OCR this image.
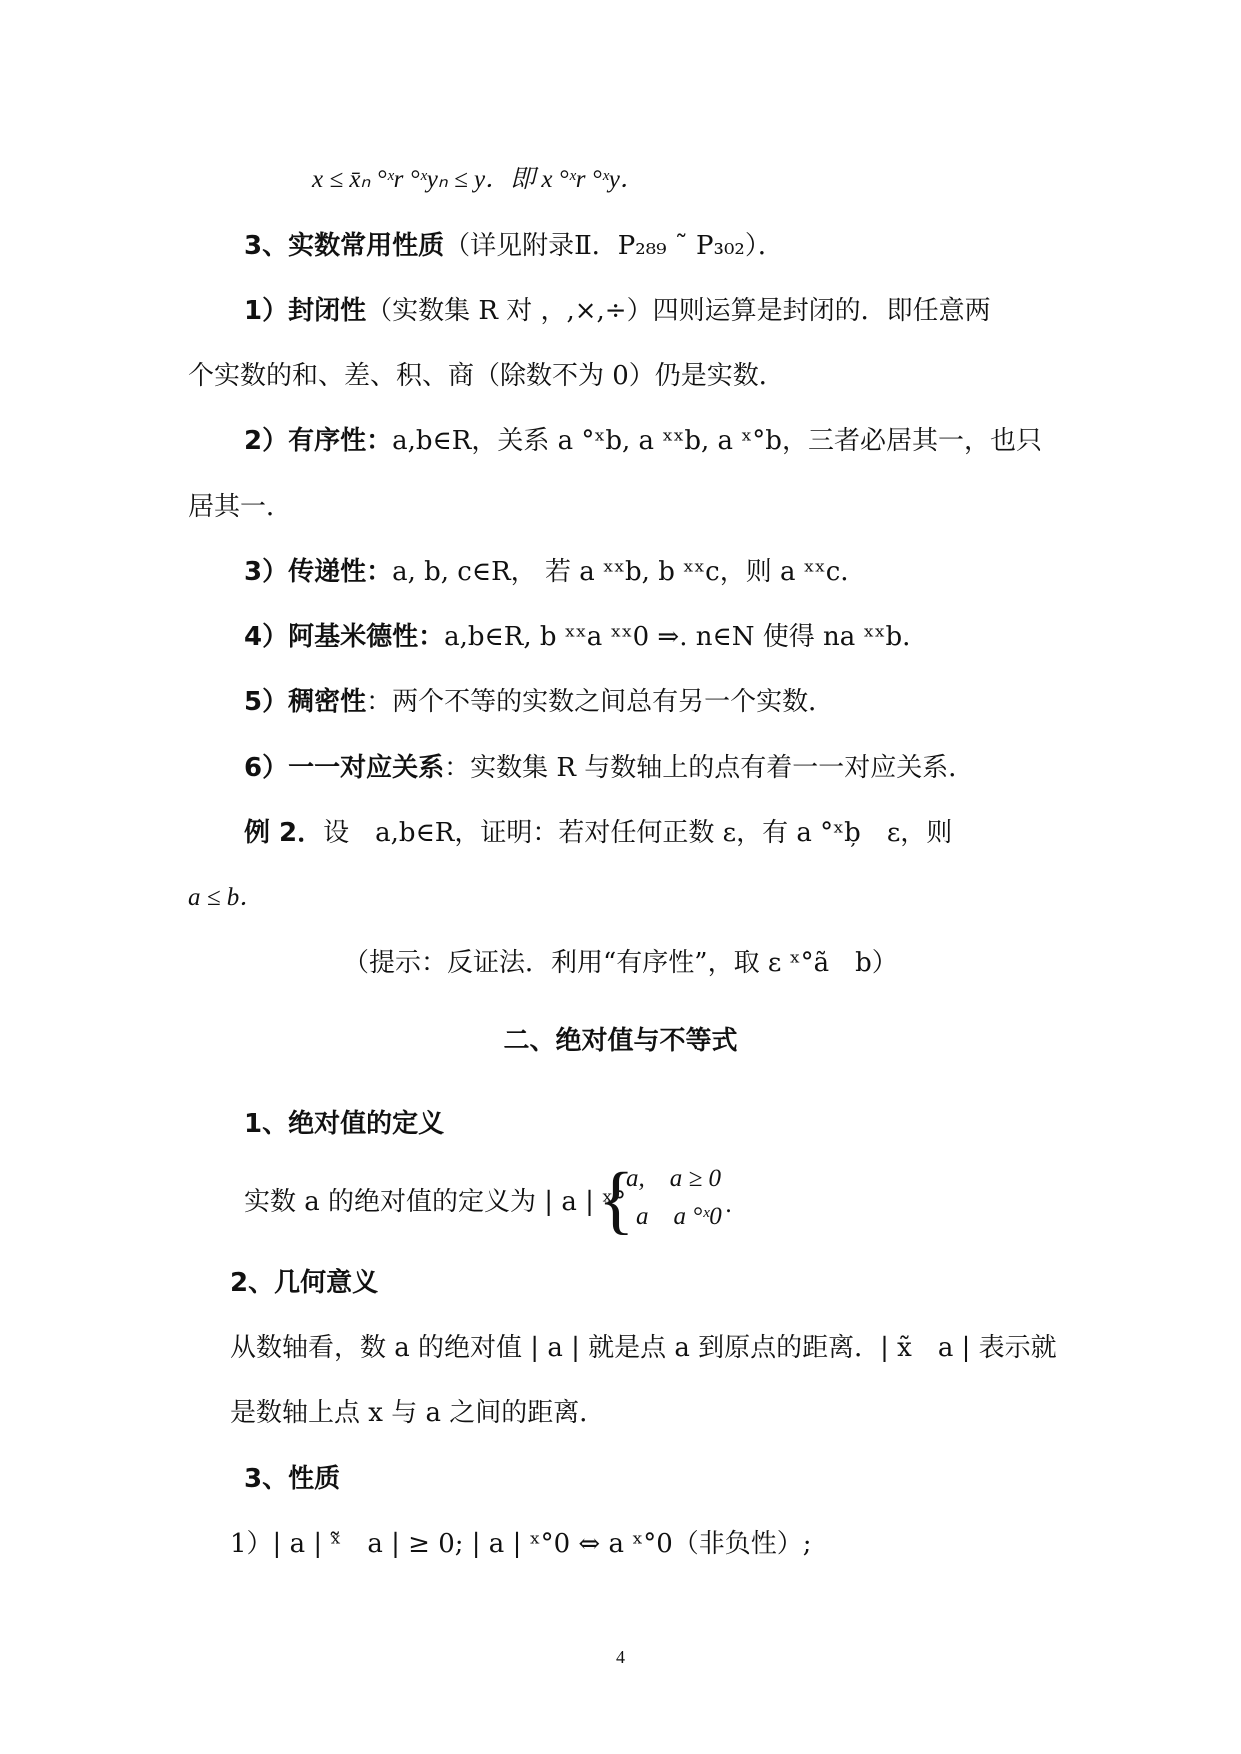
x ≤ x̄ₙ °ˣr °ˣyₙ ≤ y．即 x °ˣr °ˣy．
3、实数常用性质（详见附录Ⅱ．P₂₈₉ ˜ P₃₀₂）．
1）封闭性（实数集 R 对 ，,×,÷）四则运算是封闭的．即任意两
个实数的和、差、积、商（除数不为 0）仍是实数．
2）有序性：a,b∈R，关系 a °ˣb, a ˣˣb, a ˣ°b，三者必居其一，也只
居其一．
3）传递性：a, b, c∈R， 若 a ˣˣb, b ˣˣc，则 a ˣˣc．
4）阿基米德性：a,b∈R, b ˣˣa ˣˣ0 ⇒. n∈N 使得 na ˣˣb．
5）稠密性：两个不等的实数之间总有另一个实数．
6）一一对应关系：实数集 R 与数轴上的点有着一一对应关系．
例 2．设　a,b∈R，证明：若对任何正数 ε，有 a °ˣb̦　ε，则
a ≤ b．
（提示：反证法．利用“有序性”，取 ε ˣ°ã　b）
二、绝对值与不等式
1、绝对值的定义
实数 a 的绝对值的定义为 | a | ˣ°
{
a,　a ≥ 0
a　a °ˣ0 .
2、几何意义
从数轴看，数 a 的绝对值 | a | 就是点 a 到原点的距离．| x̃　a | 表示就
是数轴上点 x 与 a 之间的距离．
3、性质
1）| a | ˣ̃　a | ≥ 0; | a | ˣ°0 ⇔ a ˣ°0（非负性）;
4
